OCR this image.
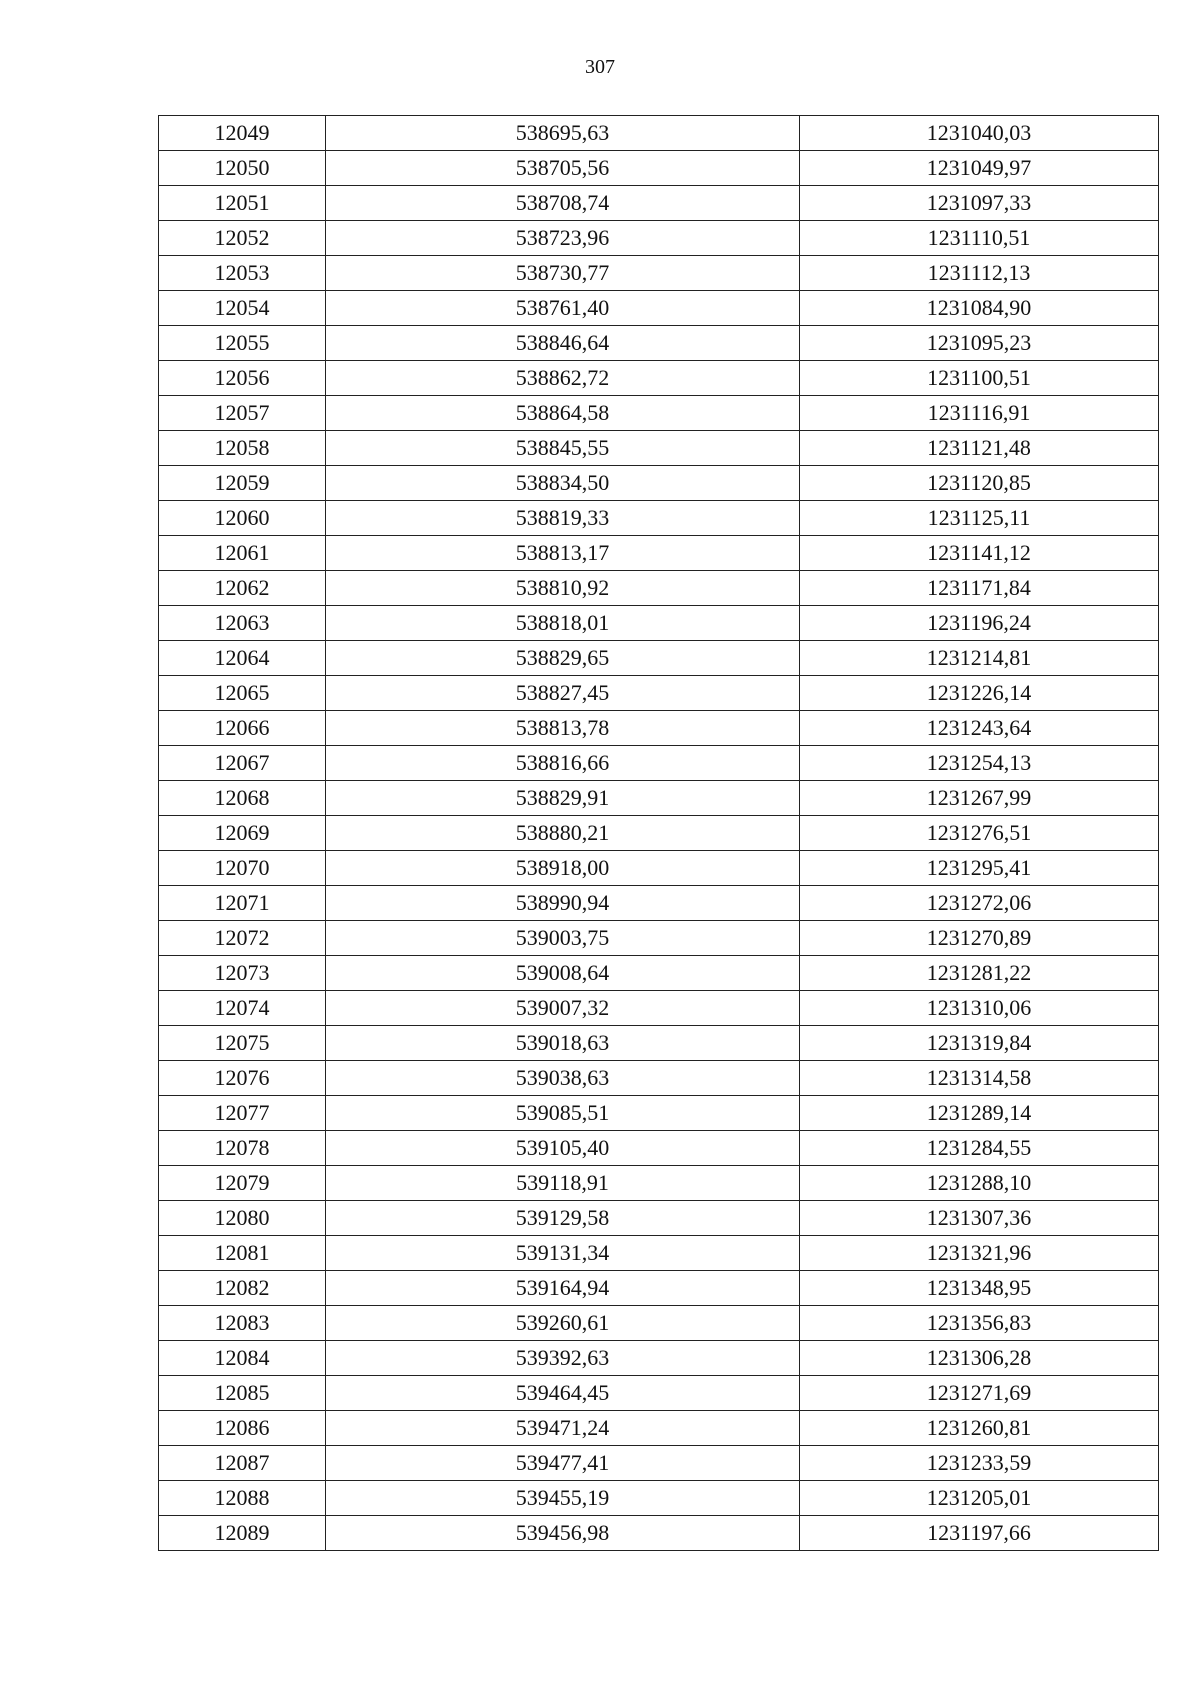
307
12049	538695,63	1231040,03
12050	538705,56	1231049,97
12051	538708,74	1231097,33
12052	538723,96	1231110,51
12053	538730,77	1231112,13
12054	538761,40	1231084,90
12055	538846,64	1231095,23
12056	538862,72	1231100,51
12057	538864,58	1231116,91
12058	538845,55	1231121,48
12059	538834,50	1231120,85
12060	538819,33	1231125,11
12061	538813,17	1231141,12
12062	538810,92	1231171,84
12063	538818,01	1231196,24
12064	538829,65	1231214,81
12065	538827,45	1231226,14
12066	538813,78	1231243,64
12067	538816,66	1231254,13
12068	538829,91	1231267,99
12069	538880,21	1231276,51
12070	538918,00	1231295,41
12071	538990,94	1231272,06
12072	539003,75	1231270,89
12073	539008,64	1231281,22
12074	539007,32	1231310,06
12075	539018,63	1231319,84
12076	539038,63	1231314,58
12077	539085,51	1231289,14
12078	539105,40	1231284,55
12079	539118,91	1231288,10
12080	539129,58	1231307,36
12081	539131,34	1231321,96
12082	539164,94	1231348,95
12083	539260,61	1231356,83
12084	539392,63	1231306,28
12085	539464,45	1231271,69
12086	539471,24	1231260,81
12087	539477,41	1231233,59
12088	539455,19	1231205,01
12089	539456,98	1231197,66
